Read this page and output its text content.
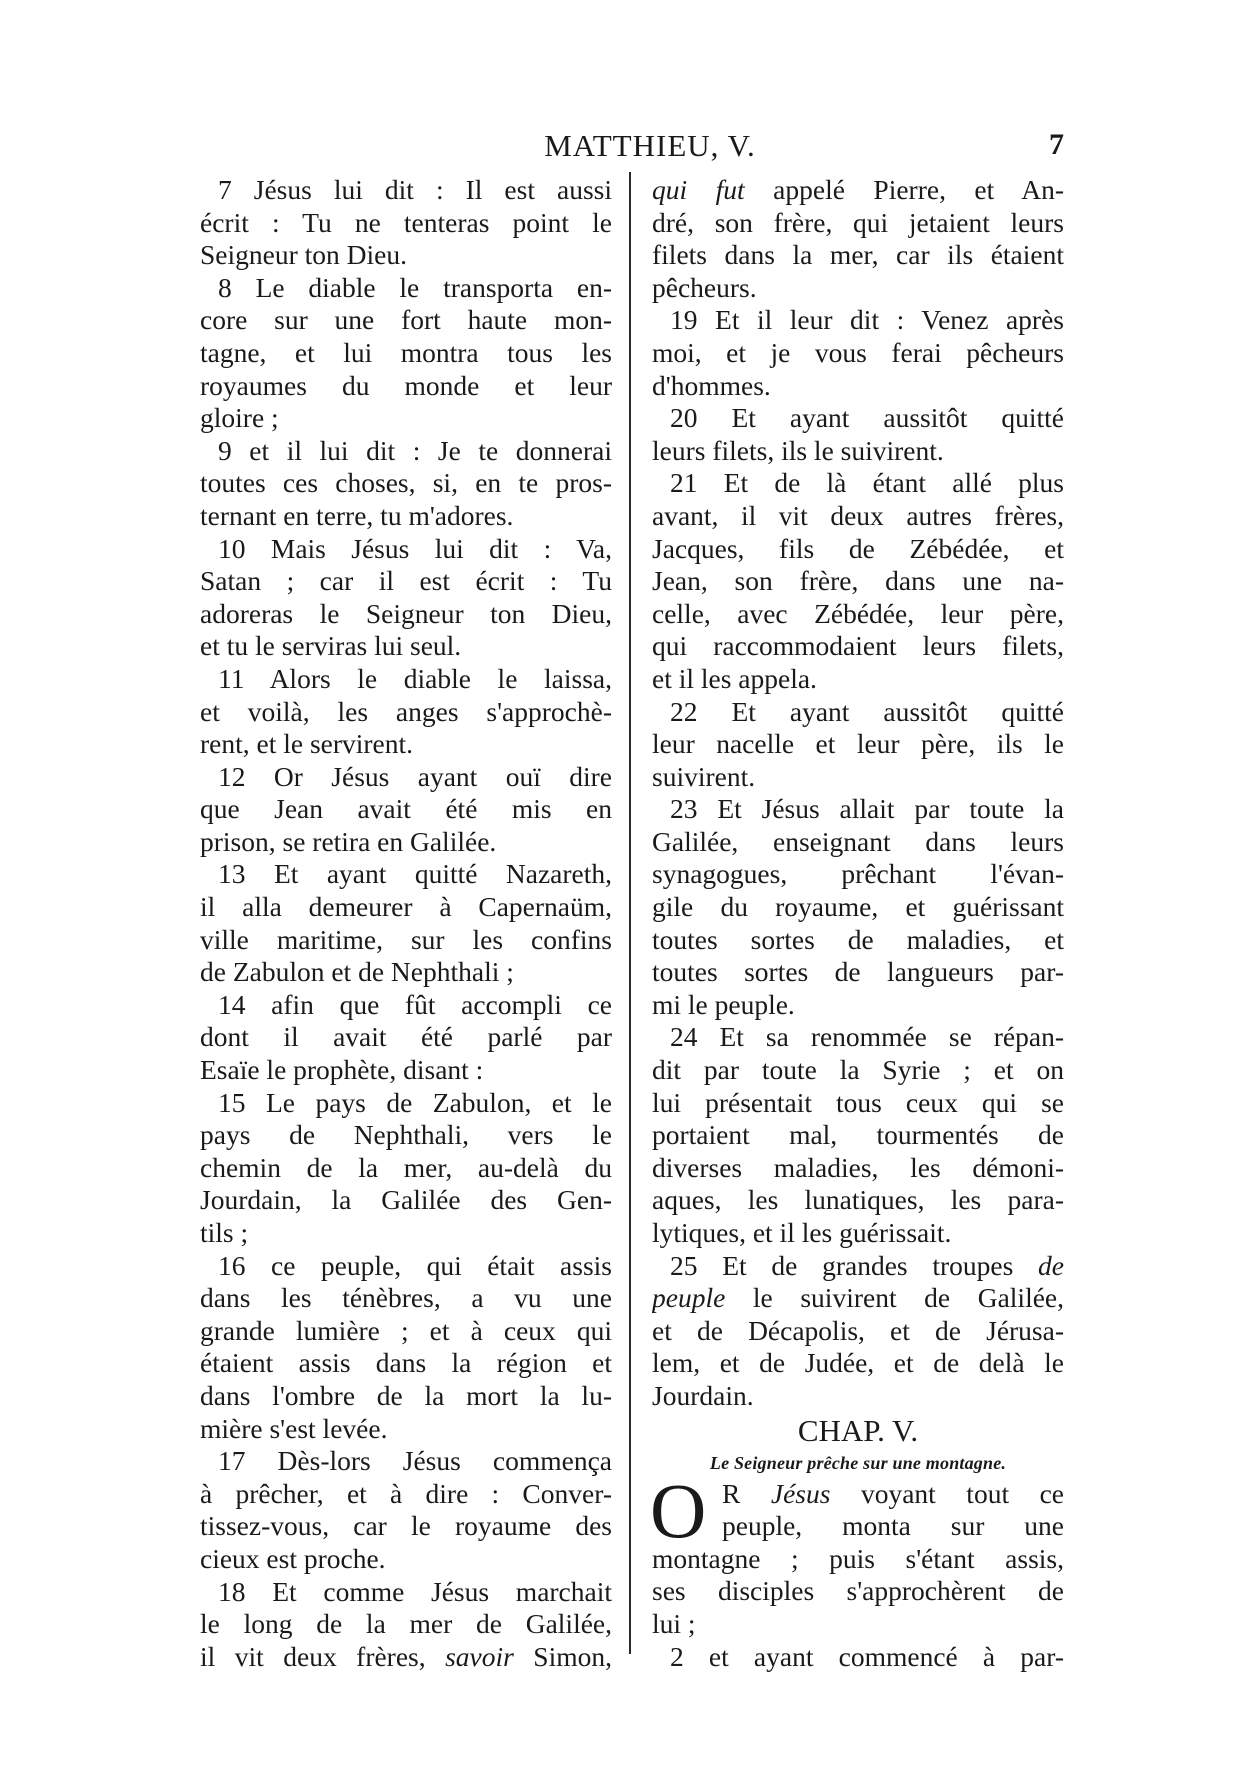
MATTHIEU, V.	7
7 Jésus lui dit : Il est aussi
écrit : Tu ne tenteras point le
Seigneur ton Dieu.
8 Le diable le transporta en-
core sur une fort haute mon-
tagne, et lui montra tous les
royaumes du monde et leur
gloire ;
9 et il lui dit : Je te donnerai
toutes ces choses, si, en te pros-
ternant en terre, tu m'adores.
10 Mais Jésus lui dit : Va,
Satan ; car il est écrit : Tu
adoreras le Seigneur ton Dieu,
et tu le serviras lui seul.
11 Alors le diable le laissa,
et voilà, les anges s'approchè-
rent, et le servirent.
12 Or Jésus ayant ouï dire
que Jean avait été mis en
prison, se retira en Galilée.
13 Et ayant quitté Nazareth,
il alla demeurer à Capernaüm,
ville maritime, sur les confins
de Zabulon et de Nephthali ;
14 afin que fût accompli ce
dont il avait été parlé par
Esaïe le prophète, disant :
15 Le pays de Zabulon, et le
pays de Nephthali, vers le
chemin de la mer, au-delà du
Jourdain, la Galilée des Gen-
tils ;
16 ce peuple, qui était assis
dans les ténèbres, a vu une
grande lumière ; et à ceux qui
étaient assis dans la région et
dans l'ombre de la mort la lu-
mière s'est levée.
17 Dès-lors Jésus commença
à prêcher, et à dire : Conver-
tissez-vous, car le royaume des
cieux est proche.
18 Et comme Jésus marchait
le long de la mer de Galilée,
il vit deux frères, savoir Simon,
qui fut appelé Pierre, et An-
dré, son frère, qui jetaient leurs
filets dans la mer, car ils étaient
pêcheurs.
19 Et il leur dit : Venez après
moi, et je vous ferai pêcheurs
d'hommes.
20 Et ayant aussitôt quitté
leurs filets, ils le suivirent.
21 Et de là étant allé plus
avant, il vit deux autres frères,
Jacques, fils de Zébédée, et
Jean, son frère, dans une na-
celle, avec Zébédée, leur père,
qui raccommodaient leurs filets,
et il les appela.
22 Et ayant aussitôt quitté
leur nacelle et leur père, ils le
suivirent.
23 Et Jésus allait par toute la
Galilée, enseignant dans leurs
synagogues, prêchant l'évan-
gile du royaume, et guérissant
toutes sortes de maladies, et
toutes sortes de langueurs par-
mi le peuple.
24 Et sa renommée se répan-
dit par toute la Syrie ; et on
lui présentait tous ceux qui se
portaient mal, tourmentés de
diverses maladies, les démoni-
aques, les lunatiques, les para-
lytiques, et il les guérissait.
25 Et de grandes troupes de
peuple le suivirent de Galilée,
et de Décapolis, et de Jérusa-
lem, et de Judée, et de delà le
Jourdain.
CHAP. V.
Le Seigneur prêche sur une montagne.
O R Jésus voyant tout ce
peuple, monta sur une
montagne ; puis s'étant assis,
ses disciples s'approchèrent de
lui ;
2 et ayant commencé à par-
